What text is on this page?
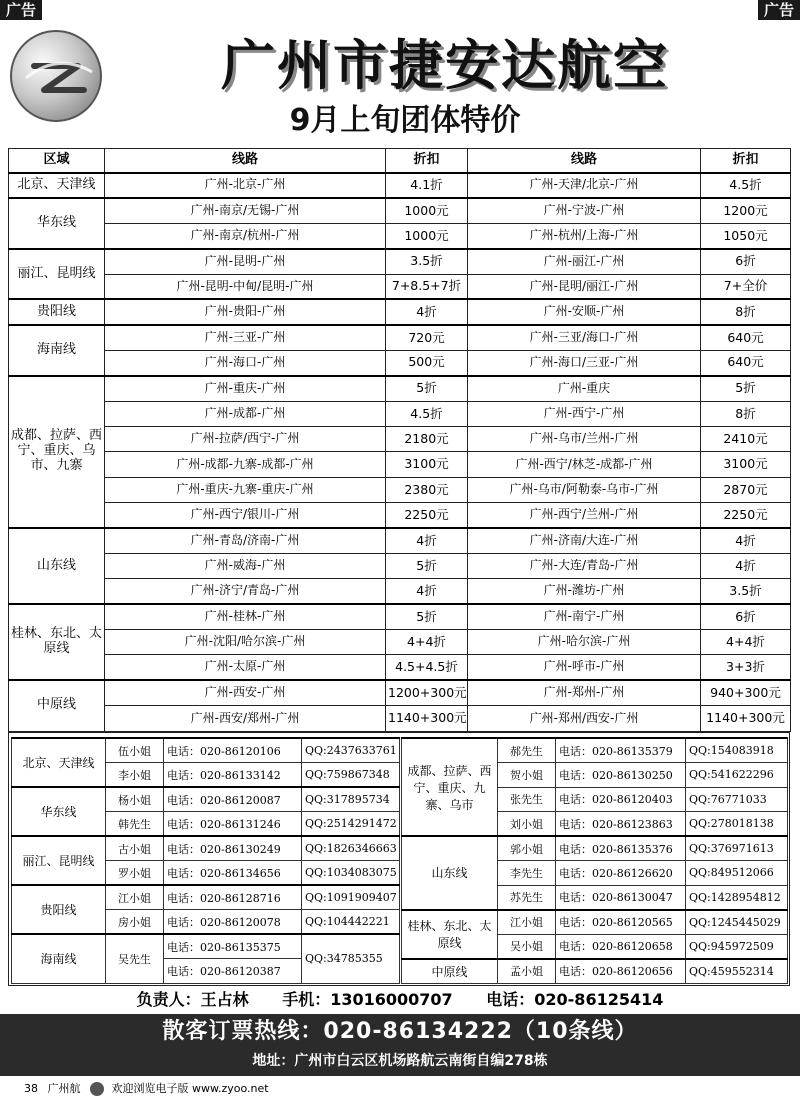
广告	广告
广州市捷安达航空
9月上旬团体特价
区域	线路	折扣	线路	折扣
北京、天津线	广州-北京-广州	4.1折	广州-天津/北京-广州	4.5折
华东线	广州-南京/无锡-广州	1000元	广州-宁波-广州	1200元
	广州-南京/杭州-广州	1000元	广州-杭州/上海-广州	1050元
丽江、昆明线	广州-昆明-广州	3.5折	广州-丽江-广州	6折
	广州-昆明-中甸/昆明-广州	7+8.5+7折	广州-昆明/丽江-广州	7+全价
贵阳线	广州-贵阳-广州	4折	广州-安顺-广州	8折
海南线	广州-三亚-广州	720元	广州-三亚/海口-广州	640元
	广州-海口-广州	500元	广州-海口/三亚-广州	640元
成都、拉萨、西宁、重庆、乌市、九寨	广州-重庆-广州	5折	广州-重庆	5折
	广州-成都-广州	4.5折	广州-西宁-广州	8折
	广州-拉萨/西宁-广州	2180元	广州-乌市/兰州-广州	2410元
	广州-成都-九寨-成都-广州	3100元	广州-西宁/林芝-成都-广州	3100元
	广州-重庆-九寨-重庆-广州	2380元	广州-乌市/阿勒泰-乌市-广州	2870元
	广州-西宁/银川-广州	2250元	广州-西宁/兰州-广州	2250元
山东线	广州-青岛/济南-广州	4折	广州-济南/大连-广州	4折
	广州-威海-广州	5折	广州-大连/青岛-广州	4折
	广州-济宁/青岛-广州	4折	广州-潍坊-广州	3.5折
桂林、东北、太原线	广州-桂林-广州	5折	广州-南宁-广州	6折
	广州-沈阳/哈尔滨-广州	4+4折	广州-哈尔滨-广州	4+4折
	广州-太原-广州	4.5+4.5折	广州-呼市-广州	3+3折
中原线	广州-西安-广州	1200+300元	广州-郑州-广州	940+300元
	广州-西安/郑州-广州	1140+300元	广州-郑州/西安-广州	1140+300元
北京、天津线	伍小姐	电话：020-86120106	QQ:2437633761
	李小姐	电话：020-86133142	QQ:759867348
华东线	杨小姐	电话：020-86120087	QQ:317895734
	韩先生	电话：020-86131246	QQ:2514291472
丽江、昆明线	古小姐	电话：020-86130249	QQ:1826346663
	罗小姐	电话：020-86134656	QQ:1034083075
贵阳线	江小姐	电话：020-86128716	QQ:1091909407
	房小姐	电话：020-86120078	QQ:104442221
海南线	吴先生	电话：020-86135375	QQ:34785355
		电话：020-86120387	
成都、拉萨、西宁、重庆、九寨、乌市	郝先生	电话：020-86135379	QQ:154083918
	贺小姐	电话：020-86130250	QQ:541622296
	张先生	电话：020-86120403	QQ:76771033
	刘小姐	电话：020-86123863	QQ:278018138
山东线	郭小姐	电话：020-86135376	QQ:376971613
	李先生	电话：020-86126620	QQ:849512066
	苏先生	电话：020-86130047	QQ:1428954812
桂林、东北、太原线	江小姐	电话：020-86120565	QQ:1245445029
	吴小姐	电话：020-86120658	QQ:945972509
中原线	孟小姐	电话：020-86120656	QQ:459552314
负责人：王占林 手机：13016000707 电话：020-86125414
散客订票热线：020-86134222（10条线）
地址：广州市白云区机场路航云南街自编278栋
38 广州航	欢迎浏览电子版 www.zyoo.net
